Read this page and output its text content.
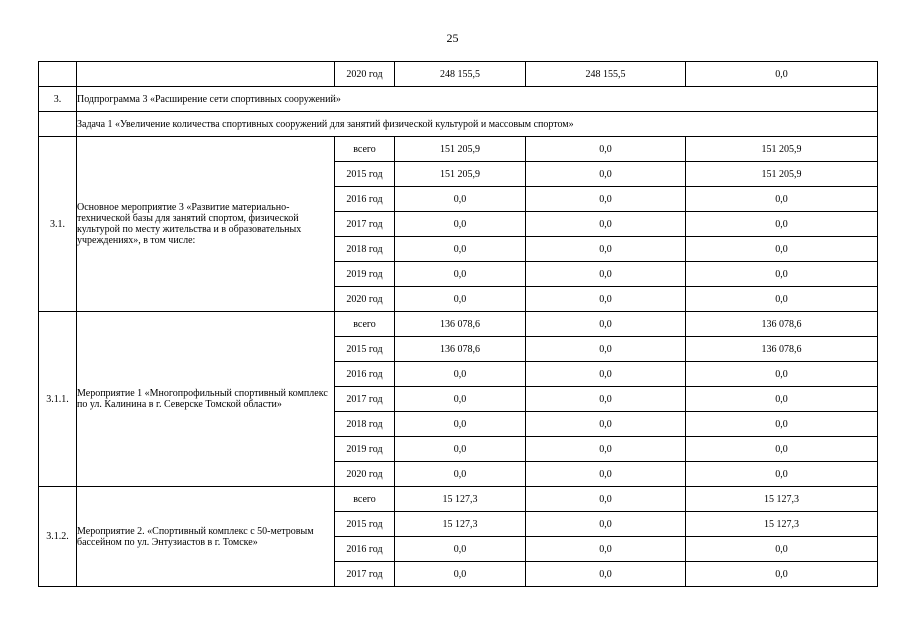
25
		2020 год	248 155,5	248 155,5	0,0
3.	Подпрограмма 3 «Расширение сети спортивных сооружений»				
	Задача 1 «Увеличение количества спортивных сооружений для занятий физической культурой и массовым спортом»				
3.1.	Основное мероприятие 3 «Развитие материально-технической базы для занятий спортом, физической культурой по месту жительства и в образовательных учреждениях», в том числе:	всего	151 205,9	0,0	151 205,9
		2015 год	151 205,9	0,0	151 205,9
		2016 год	0,0	0,0	0,0
		2017 год	0,0	0,0	0,0
		2018 год	0,0	0,0	0,0
		2019 год	0,0	0,0	0,0
		2020 год	0,0	0,0	0,0
3.1.1.	Мероприятие 1 «Многопрофильный спортивный комплекс по ул. Калинина в г. Северске Томской области»	всего	136 078,6	0,0	136 078,6
		2015 год	136 078,6	0,0	136 078,6
		2016 год	0,0	0,0	0,0
		2017 год	0,0	0,0	0,0
		2018 год	0,0	0,0	0,0
		2019 год	0,0	0,0	0,0
		2020 год	0,0	0,0	0,0
3.1.2.	Мероприятие 2. «Спортивный комплекс с 50-метровым бассейном по ул. Энтузиастов в г. Томске»	всего	15 127,3	0,0	15 127,3
		2015 год	15 127,3	0,0	15 127,3
		2016 год	0,0	0,0	0,0
		2017 год	0,0	0,0	0,0
